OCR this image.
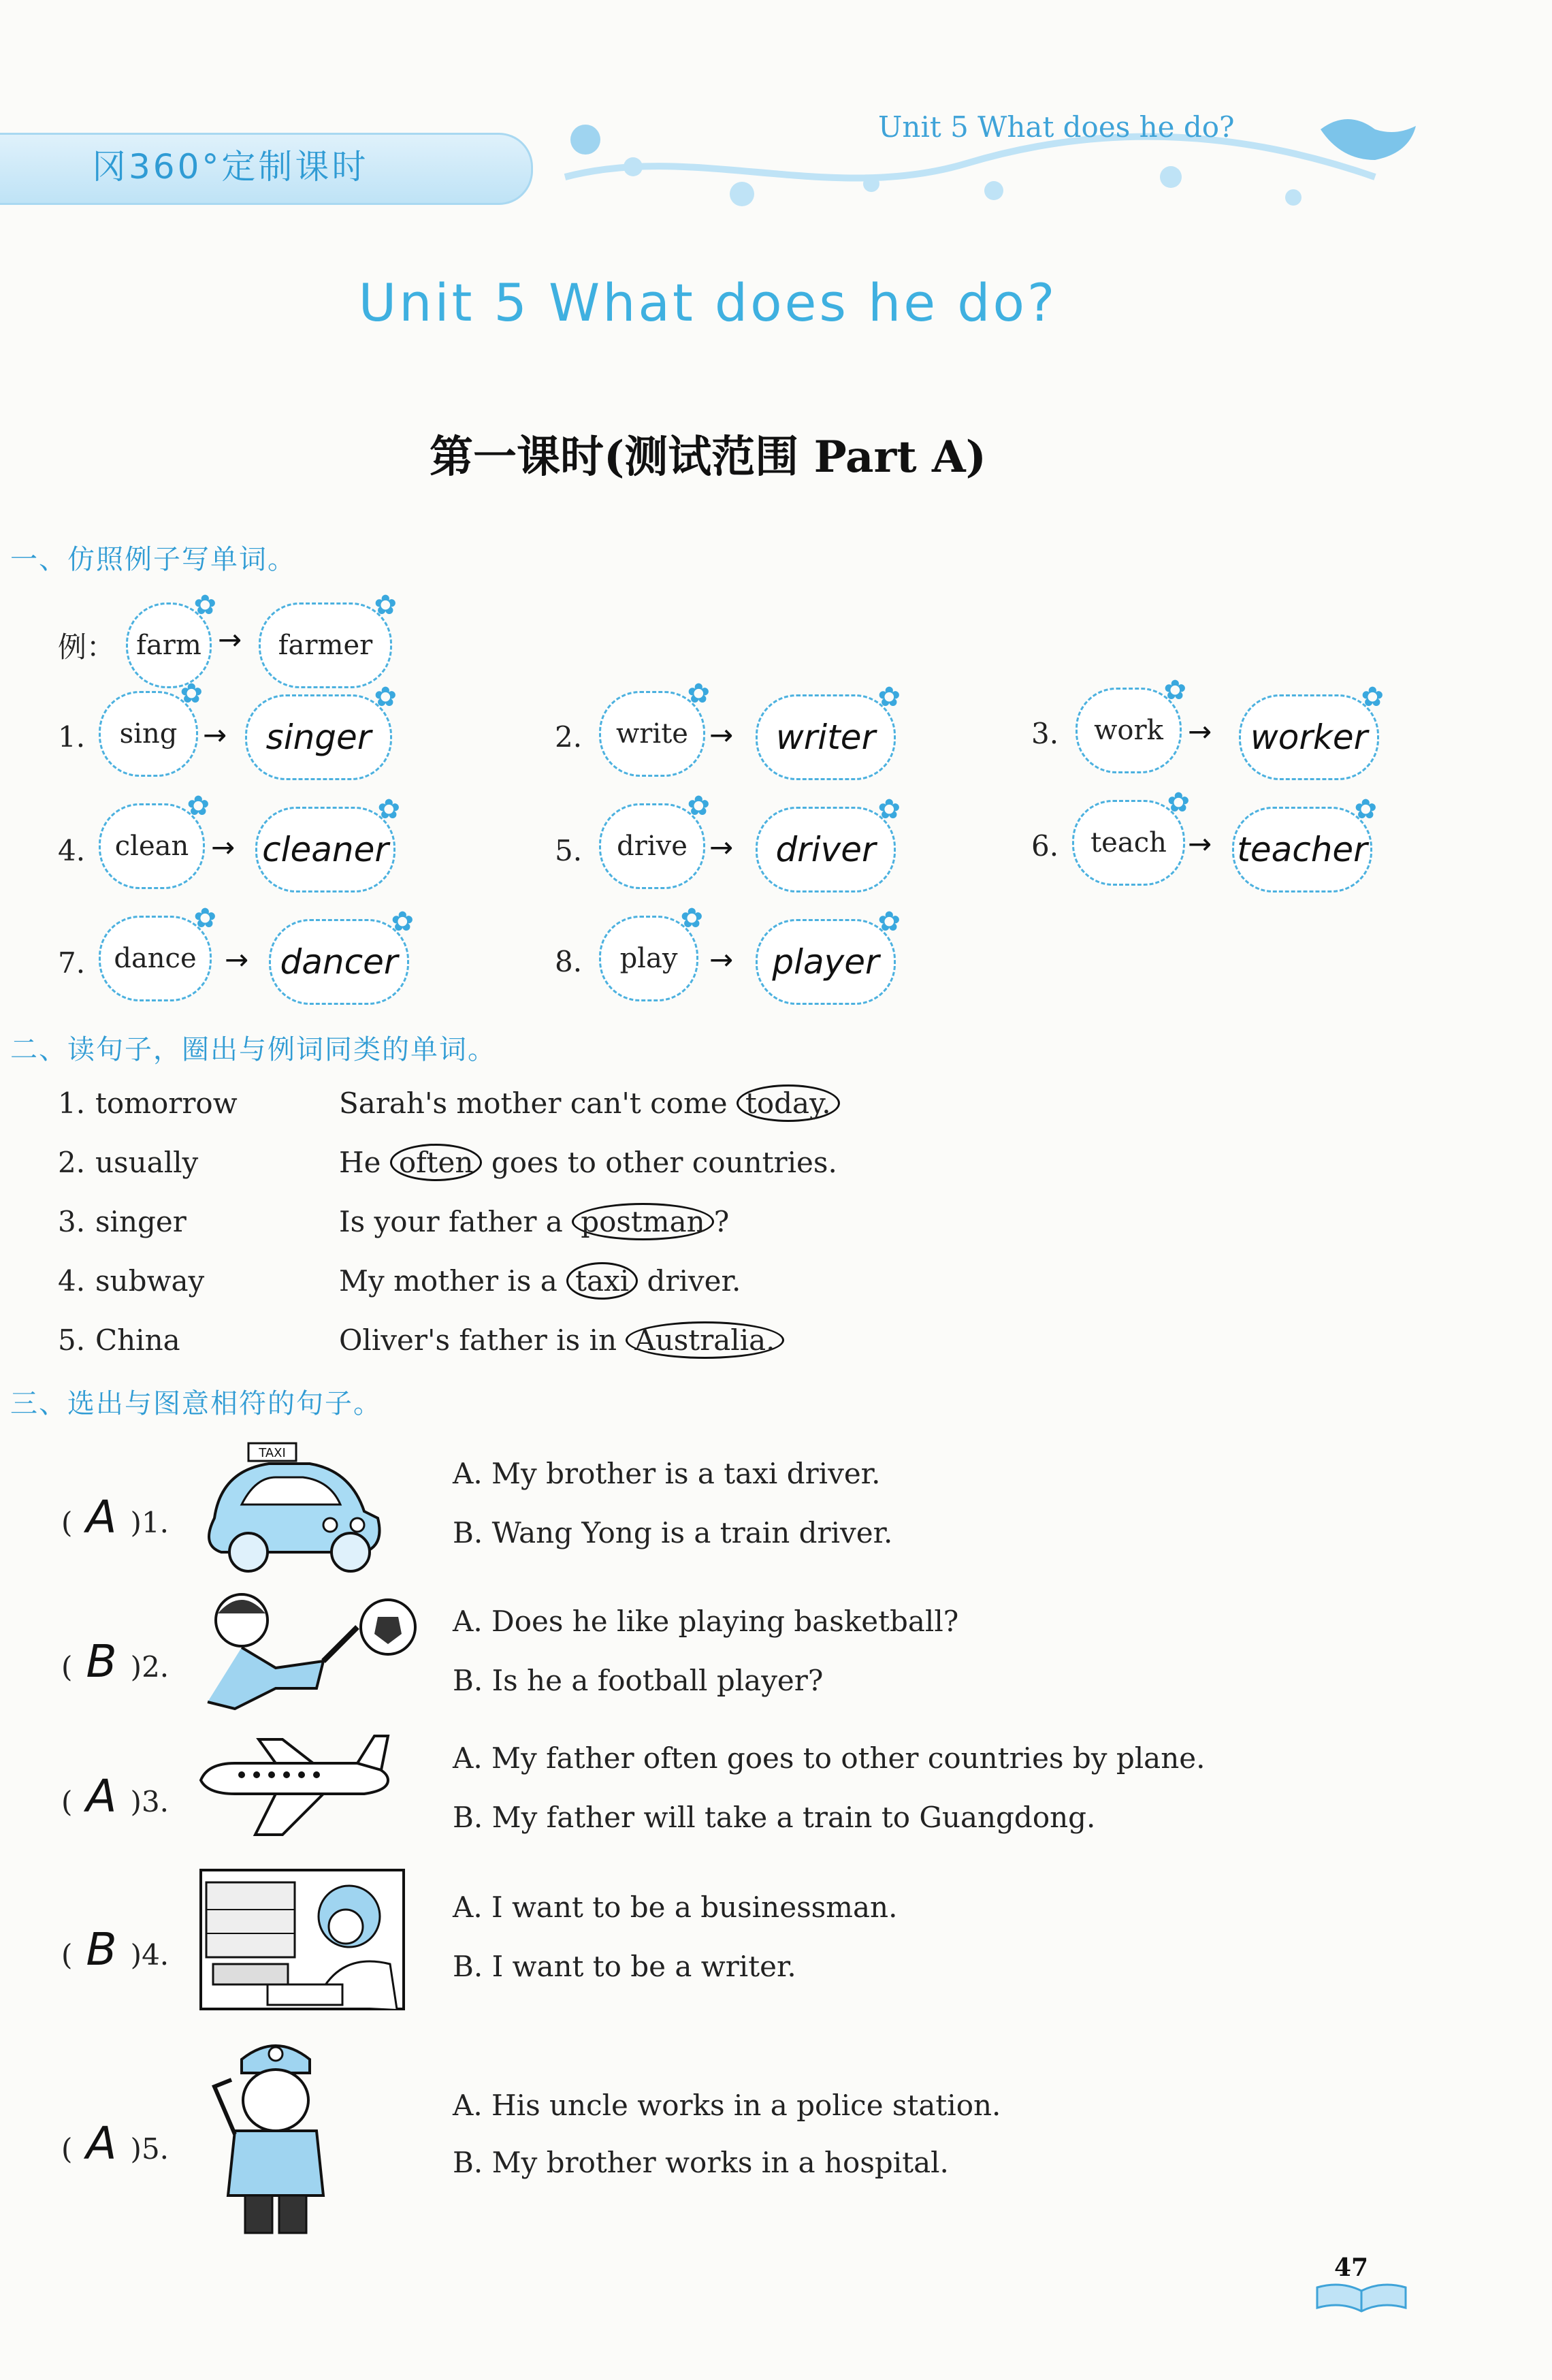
冈360°定制课时
Unit 5 What does he do?
Unit 5 What does he do?
第一课时(测试范围 Part A)
一、仿照例子写单词。
例： farm
✿
→ farmer
✿
1. sing
✿
→ singer
✿
2. write
✿
→ writer
✿
3. work
✿
→ worker
✿
4. clean
✿
→ cleaner
✿
5. drive
✿
→ driver
✿
6. teach
✿
→ teacher
✿
7. dance
✿
→ dancer
✿
8. play
✿
→ player
✿
二、读句子，圈出与例词同类的单词。
1. tomorrow	Sarah's mother can't come today.
2. usually	He often goes to other countries.
3. singer	Is your father a postman ?
4. subway	My mother is a taxi driver.
5. China	Oliver's father is in Australia.
三、选出与图意相符的句子。
( A )1.
TAXI
A. My brother is a taxi driver.
B. Wang Yong is a train driver.
( B )2.
A. Does he like playing basketball?
B. Is he a football player?
( A )3.
A. My father often goes to other countries by plane.
B. My father will take a train to Guangdong.
( B )4.
A. I want to be a businessman.
B. I want to be a writer.
( A )5.
A. His uncle works in a police station.
B. My brother works in a hospital.
47
